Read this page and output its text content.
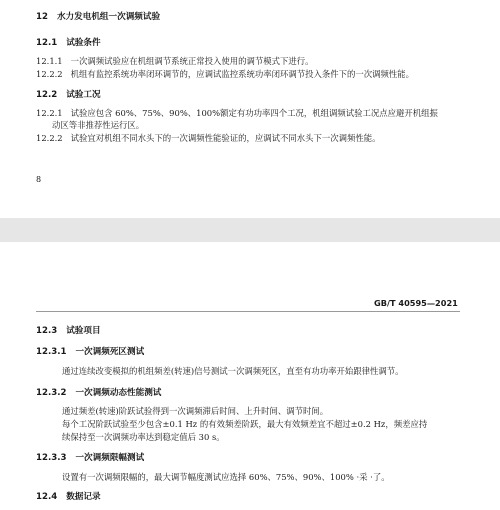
12 水力发电机组一次调频试验
12.1 试验条件
12.1.1 一次调频试验应在机组调节系统正常投入使用的调节模式下进行。
12.2.2 机组有监控系统功率闭环调节的，应调试监控系统功率闭环调节投入条件下的一次调频性能。
12.2 试验工况
12.2.1 试验应包含 60%、75%、90%、100%额定有功功率四个工况，机组调频试验工况点应避开机组振
动区等非推荐性运行区。
12.2.2 试验宜对机组不同水头下的一次调频性能验证的，应调试不同水头下一次调频性能。
8
GB/T 40595—2021
12.3 试验项目
12.3.1 一次调频死区测试
通过连续改变模拟的机组频差(转速)信号测试一次调频死区，直至有功功率开始跟律性调节。
12.3.2 一次调频动态性能测试
通过频差(转速)阶跃试验得到一次调频滞后时间、上升时间、调节时间。
每个工况阶跃试验至少包含±0.1 Hz 的有效频差阶跃，最大有效频差宜不超过±0.2 Hz，频差应持
续保持至一次调频功率达到稳定值后 30 s。
12.3.3 一次调频限幅测试
设置有一次调频限幅的，最大调节幅度测试应选择 60%、75%、90%、100% ·采 ·了。
12.4 数据记录
